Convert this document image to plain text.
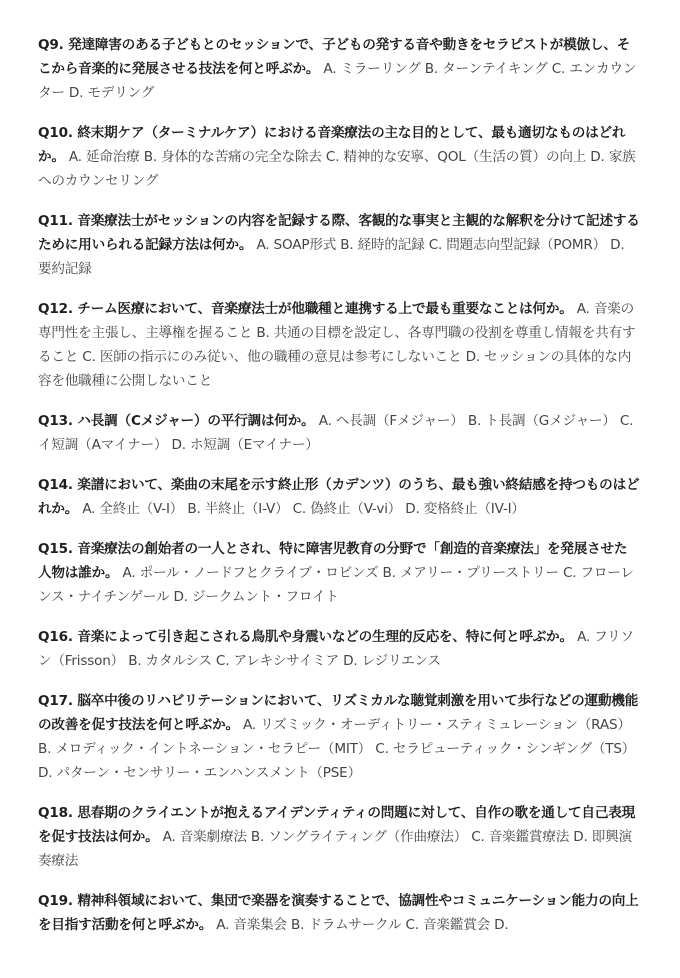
Q9. 発達障害のある子どもとのセッションで、子どもの発する音や動きをセラピストが模倣し、そこから音楽的に発展させる技法を何と呼ぶか。 A. ミラーリング B. ターンテイキング C. エンカウンター D. モデリング

Q10. 終末期ケア（ターミナルケア）における音楽療法の主な目的として、最も適切なものはどれか。 A. 延命治療 B. 身体的な苦痛の完全な除去 C. 精神的な安寧、QOL（生活の質）の向上 D. 家族へのカウンセリング

Q11. 音楽療法士がセッションの内容を記録する際、客観的な事実と主観的な解釈を分けて記述するために用いられる記録方法は何か。 A. SOAP形式 B. 経時的記録 C. 問題志向型記録（POMR） D. 要約記録

Q12. チーム医療において、音楽療法士が他職種と連携する上で最も重要なことは何か。 A. 音楽の専門性を主張し、主導権を握ること B. 共通の目標を設定し、各専門職の役割を尊重し情報を共有すること C. 医師の指示にのみ従い、他の職種の意見は参考にしないこと D. セッションの具体的な内容を他職種に公開しないこと

Q13. ハ長調（Cメジャー）の平行調は何か。 A. ヘ長調（Fメジャー） B. ト長調（Gメジャー） C. イ短調（Aマイナー） D. ホ短調（Eマイナー）

Q14. 楽譜において、楽曲の末尾を示す終止形（カデンツ）のうち、最も強い終結感を持つものはどれか。 A. 全終止（V-I） B. 半終止（I-V） C. 偽終止（V-vi） D. 変格終止（IV-I）

Q15. 音楽療法の創始者の一人とされ、特に障害児教育の分野で「創造的音楽療法」を発展させた人物は誰か。 A. ポール・ノードフとクライブ・ロビンズ B. メアリー・プリーストリー C. フローレンス・ナイチンゲール D. ジークムント・フロイト

Q16. 音楽によって引き起こされる鳥肌や身震いなどの生理的反応を、特に何と呼ぶか。 A. フリソン（Frisson） B. カタルシス C. アレキシサイミア D. レジリエンス

Q17. 脳卒中後のリハビリテーションにおいて、リズミカルな聴覚刺激を用いて歩行などの運動機能の改善を促す技法を何と呼ぶか。 A. リズミック・オーディトリー・スティミュレーション（RAS） B. メロディック・イントネーション・セラピー（MIT） C. セラピューティック・シンギング（TS） D. パターン・センサリー・エンハンスメント（PSE）

Q18. 思春期のクライエントが抱えるアイデンティティの問題に対して、自作の歌を通して自己表現を促す技法は何か。 A. 音楽劇療法 B. ソングライティング（作曲療法） C. 音楽鑑賞療法 D. 即興演奏療法

Q19. 精神科領域において、集団で楽器を演奏することで、協調性やコミュニケーション能力の向上を目指す活動を何と呼ぶか。 A. 音楽集会 B. ドラムサークル C. 音楽鑑賞会 D.
